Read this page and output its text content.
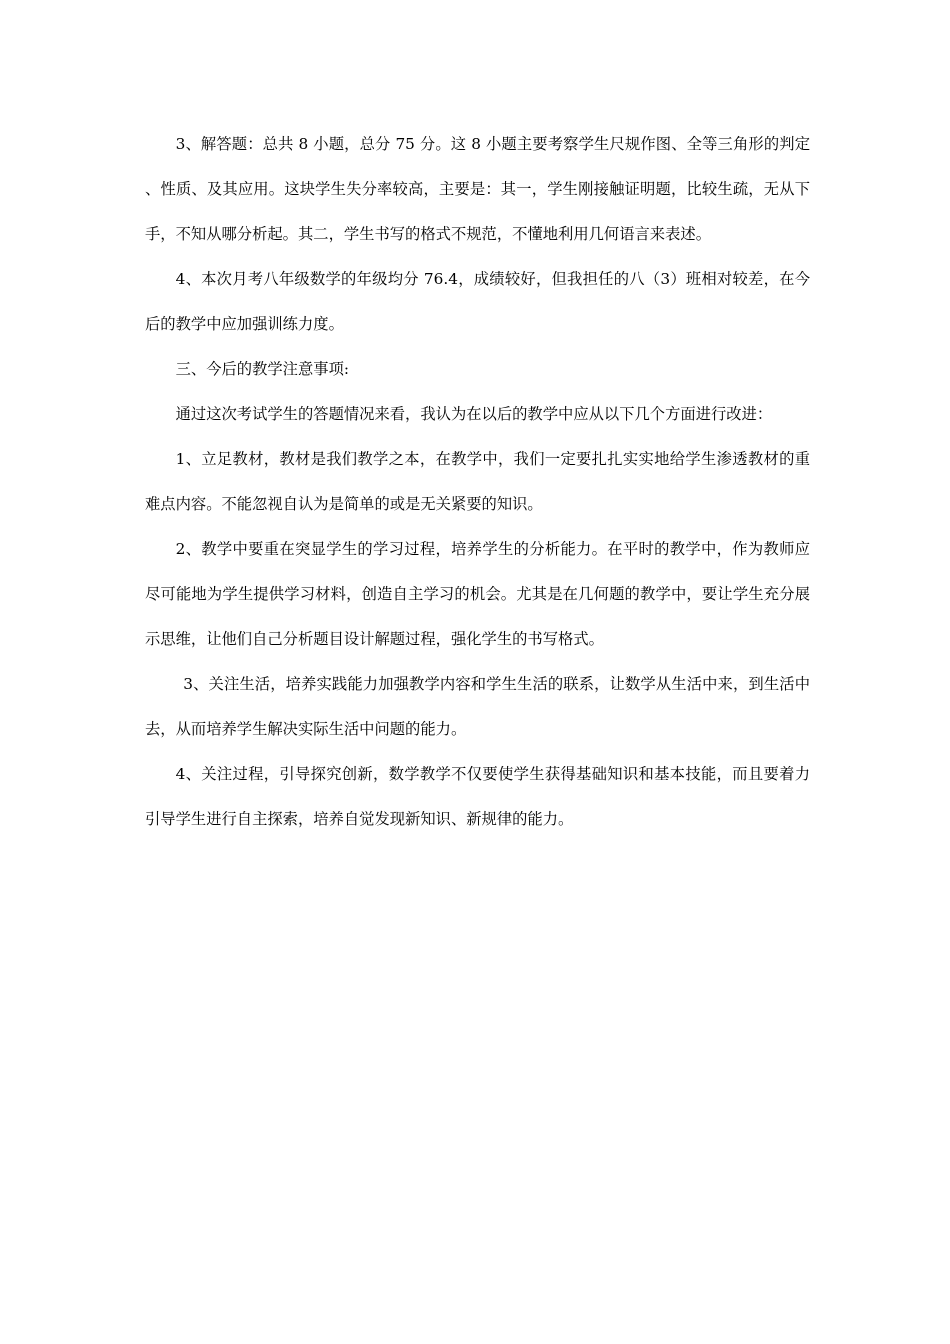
3、解答题：总共 8 小题，总分 75 分。这 8 小题主要考察学生尺规作图、全等三角形的判定 、性质、及其应用。这块学生失分率较高，主要是：其一，学生刚接触证明题，比较生疏，无从下手，不知从哪分析起。其二，学生书写的格式不规范，不懂地利用几何语言来表述。

4、本次月考八年级数学的年级均分 76.4，成绩较好，但我担任的八（3）班相对较差，在今后的教学中应加强训练力度。

三、今后的教学注意事项:

通过这次考试学生的答题情况来看，我认为在以后的教学中应从以下几个方面进行改进：

1、立足教材，教材是我们教学之本，在教学中，我们一定要扎扎实实地给学生渗透教材的重难点内容。不能忽视自认为是简单的或是无关紧要的知识。

2、教学中要重在突显学生的学习过程，培养学生的分析能力。在平时的教学中，作为教师应尽可能地为学生提供学习材料，创造自主学习的机会。尤其是在几何题的教学中，要让学生充分展示思维，让他们自己分析题目设计解题过程，强化学生的书写格式。

3、关注生活，培养实践能力加强教学内容和学生生活的联系，让数学从生活中来，到生活中去，从而培养学生解决实际生活中问题的能力。

4、关注过程，引导探究创新，数学教学不仅要使学生获得基础知识和基本技能，而且要着力引导学生进行自主探索，培养自觉发现新知识、新规律的能力。
